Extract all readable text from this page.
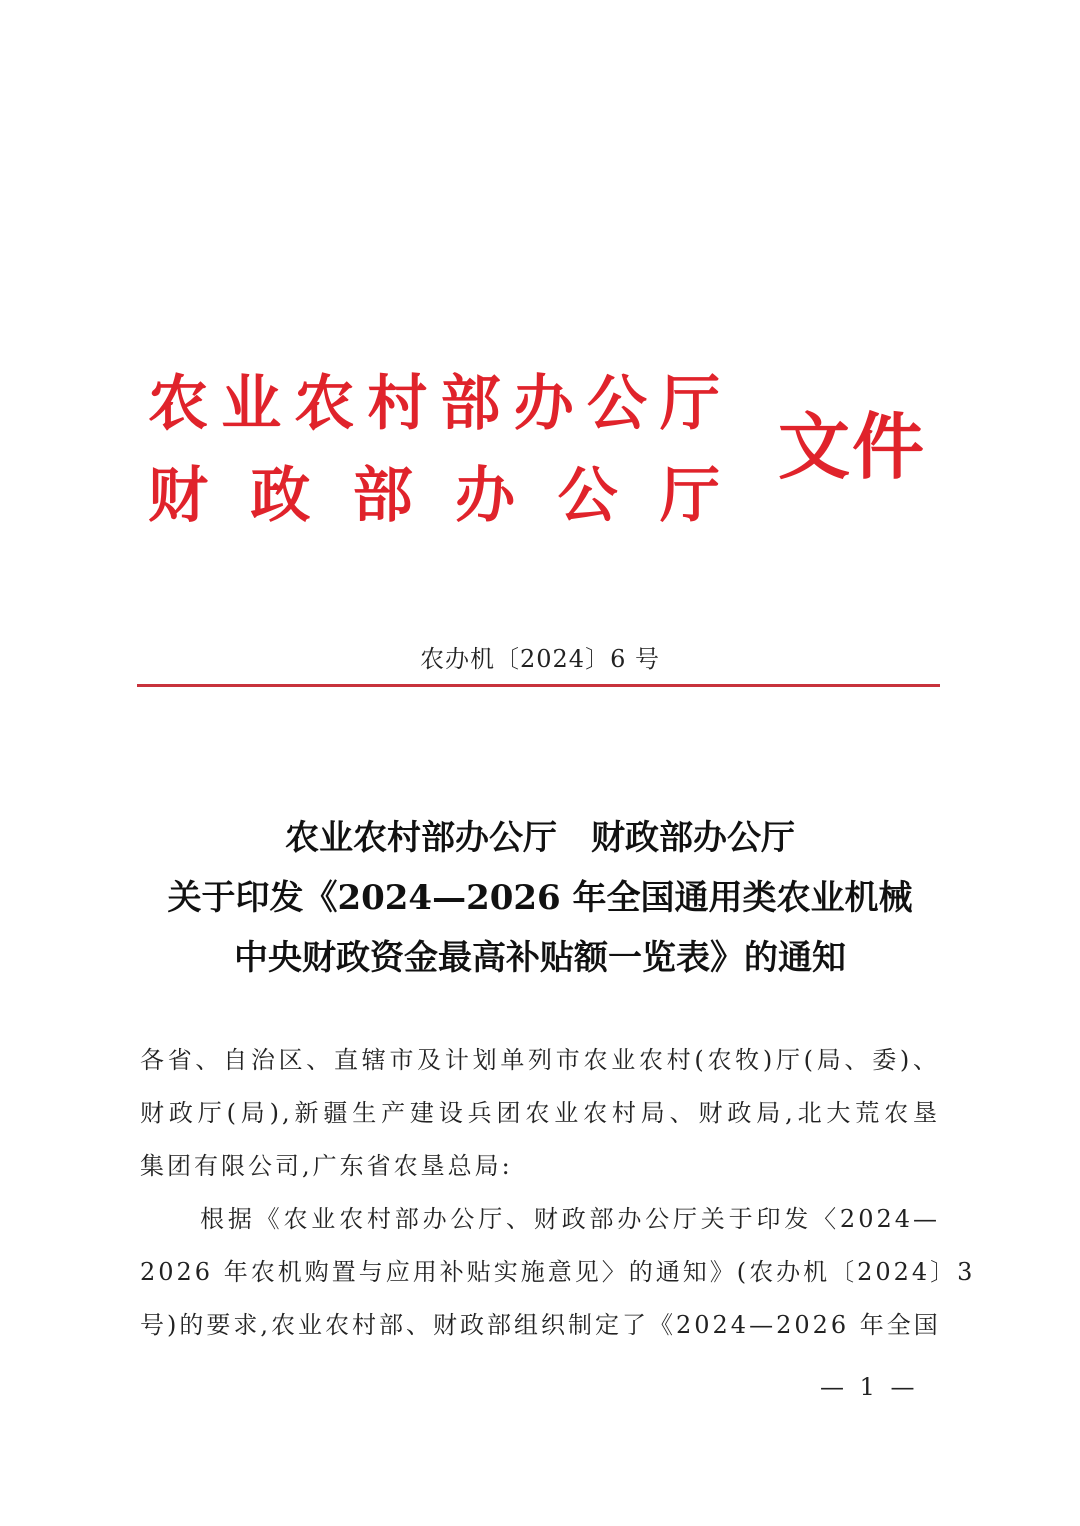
农 业 农 村 部 办 公 厅
财 政 部 办 公 厅
文件
农办机〔2024〕6 号
农业农村部办公厅　财政部办公厅
关于印发《2024—2026 年全国通用类农业机械
中央财政资金最高补贴额一览表》的通知
各省、自治区、直辖市及计划单列市农业农村(农牧)厅(局、委)、
财政厅(局),新疆生产建设兵团农业农村局、财政局,北大荒农垦
集团有限公司,广东省农垦总局:
根据《农业农村部办公厅、财政部办公厅关于印发〈2024—
2026 年农机购置与应用补贴实施意见〉的通知》(农办机〔2024〕3
号)的要求,农业农村部、财政部组织制定了《2024—2026 年全国
— 1 —
